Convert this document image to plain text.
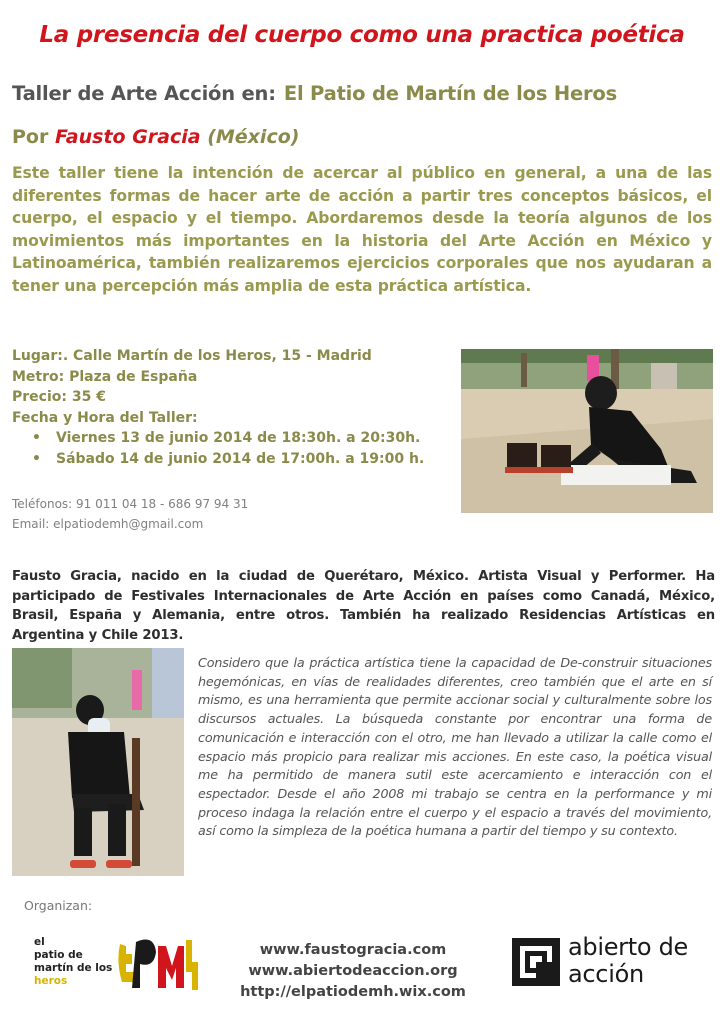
La presencia del cuerpo como una practica poética
Taller de Arte Acción en: El Patio de Martín de los Heros
Por Fausto Gracia (México)
Este taller tiene la intención de acercar al público en general, a una de las diferentes formas de hacer arte de acción a partir tres conceptos básicos, el cuerpo, el espacio y el tiempo. Abordaremos desde la teoría algunos de los movimientos más importantes en la historia del Arte Acción en México y Latinoamérica, también realizaremos ejercicios corporales que nos ayudaran a tener una percepción más amplia de esta práctica artística.
Lugar:. Calle Martín de los Heros, 15 - Madrid
Metro: Plaza de España
Precio: 35 €
Fecha y Hora del Taller:
• Viernes 13 de junio 2014 de 18:30h. a 20:30h.
• Sábado 14 de junio 2014 de 17:00h. a 19:00 h.
Teléfonos: 91 011 04 18 - 686 97 94 31
Email: elpatiodemh@gmail.com
Fausto Gracia, nacido en la ciudad de Querétaro, México. Artista Visual y Performer. Ha participado de Festivales Internacionales de Arte Acción en países como Canadá, México, Brasil, España y Alemania, entre otros. También ha realizado Residencias Artísticas en Argentina y Chile 2013.
Considero que la práctica artística tiene la capacidad de De-construir situaciones hegemónicas, en vías de realidades diferentes, creo también que el arte en sí mismo, es una herramienta que permite accionar social y culturalmente sobre los discursos actuales. La búsqueda constante por encontrar una forma de comunicación e interacción con el otro, me han llevado a utilizar la calle como el espacio más propicio para realizar mis acciones. En este caso, la poética visual me ha permitido de manera sutil este acercamiento e interacción con el espectador. Desde el año 2008 mi trabajo se centra en la performance y mi proceso indaga la relación entre el cuerpo y el espacio a través del movimiento, así como la simpleza de la poética humana a partir del tiempo y su contexto.
Organizan:
el
patio de
martín de los
heros
www.faustogracia.com
www.abiertodeaccion.org
http://elpatiodemh.wix.com
abierto de
acción
